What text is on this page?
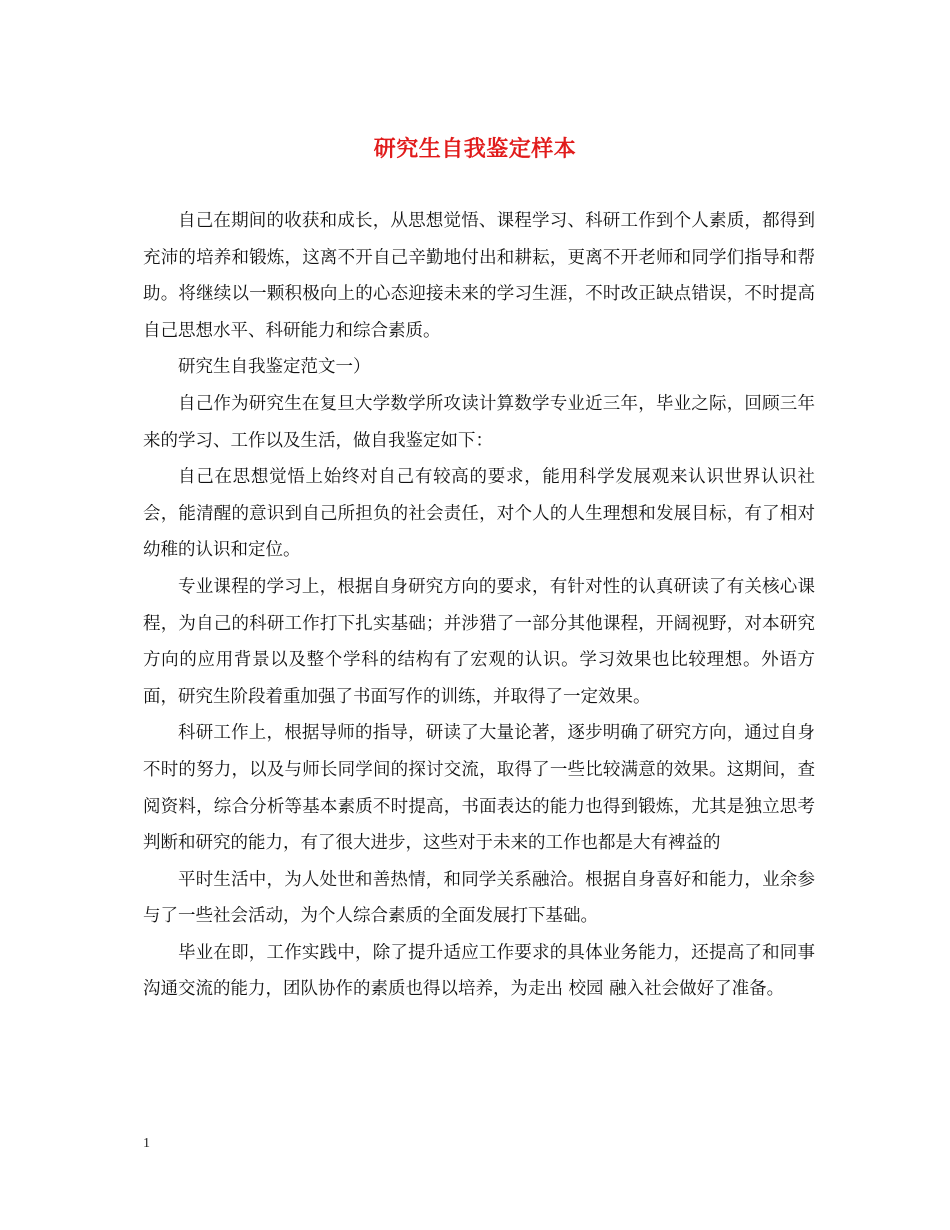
研究生自我鉴定样本

自己在期间的收获和成长，从思想觉悟、课程学习、科研工作到个人素质，都得到充沛的培养和锻炼，这离不开自己辛勤地付出和耕耘，更离不开老师和同学们指导和帮助。将继续以一颗积极向上的心态迎接未来的学习生涯，不时改正缺点错误，不时提高自己思想水平、科研能力和综合素质。

研究生自我鉴定范文一）

自己作为研究生在复旦大学数学所攻读计算数学专业近三年，毕业之际，回顾三年来的学习、工作以及生活，做自我鉴定如下：

自己在思想觉悟上始终对自己有较高的要求，能用科学发展观来认识世界认识社会，能清醒的意识到自己所担负的社会责任，对个人的人生理想和发展目标，有了相对幼稚的认识和定位。

专业课程的学习上，根据自身研究方向的要求，有针对性的认真研读了有关核心课程，为自己的科研工作打下扎实基础；并涉猎了一部分其他课程，开阔视野，对本研究方向的应用背景以及整个学科的结构有了宏观的认识。学习效果也比较理想。外语方面，研究生阶段着重加强了书面写作的训练，并取得了一定效果。

科研工作上，根据导师的指导，研读了大量论著，逐步明确了研究方向，通过自身不时的努力，以及与师长同学间的探讨交流，取得了一些比较满意的效果。这期间，查阅资料，综合分析等基本素质不时提高，书面表达的能力也得到锻炼，尤其是独立思考判断和研究的能力，有了很大进步，这些对于未来的工作也都是大有裨益的

平时生活中，为人处世和善热情，和同学关系融洽。根据自身喜好和能力，业余参与了一些社会活动，为个人综合素质的全面发展打下基础。

毕业在即，工作实践中，除了提升适应工作要求的具体业务能力，还提高了和同事沟通交流的能力，团队协作的素质也得以培养，为走出 校园 融入社会做好了准备。

1
